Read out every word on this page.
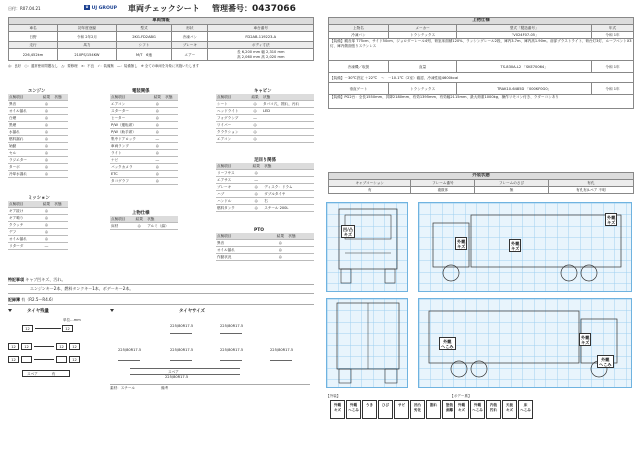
日付：R07.04.21	U UJ GROUP 車両チェックシート 管理番号：0437066
車両情報				
車名	初年度登録	型式	形状	車台番号
日野	令和 2年2月	2KG-FD2ABG	冷凍バン	FD2AB-119223-A
走行	馬力	シフト	ブレーキ	ボディ寸法
226,452km	210PS/154KW	M/T　 6速	エアー	長 6,200 mm 幅 2,310 mm
高 2,060 mm 高 2,020 mm
◎：良好　○：通常使用問題なし　△：要修理　×：不良　✓：装備無　―：装備無し　 ※ 全ての車両を対象に実施いたします
エンジン
点検項目	結果	状態
異音	◎	
オイル漏れ	◎	
白煙	◎	
黒煙	◎	
水漏れ	◎	
燃料漏れ	◎	
始動	◎	
セル	◎	
ラジエター	◎	
ターボ	◎	
冷却水漏れ	◎	
ミッション
点検項目	結果	状態
ギア抜け	◎	
ギア鳴り	◎	
クラッチ	◎	
デフ	◎	
オイル漏れ	◎	
リターダ	―	
電装関係
点検項目	結果	状態
エアコン	◎	
スターター	◎	
ヒーター	◎	
P/W（運転席）	◎	
P/W（助手席）	◎	
集中ドアロック	―	
車両ランプ	◎	
ライト	◎	
ナビ	―	
バックカメラ	◎	
ETC	◎	
タコグラフ	◎	
上物仕様
点検項目	結果	状態
床材	◎	アルミ（縞）
キャビン
点検項目	結果	状態
シート	◎	タバコ穴，擦れ，汚れ
ヘッドライト	◎	LED
フォグランプ	―	
ワイパー	◎	
クラクション	◎	
エアコン	◎	
足回り関係
点検項目	結果	状態
リーフサス	◎	
エアサス	―	
ブレーキ	◎	ディスク：ドラム
ハブ	◎	ダブルタイヤ
ハンドル	◎	右
燃料タンク	◎	スチール 200L
PTO
点検項目	結果	状態
異音	◎	
オイル漏れ	◎	
作動状況	◎	
特記事項 キャブ凹キズ、汚れ。
エンジンキー2本、燃料タンクキー1本、ボデーキー2本。
記録簿 有（R2.5～R4.6）
タイヤ残量
単位…mm
12	12
12	12	12	12
12	12
スペア	有
タイヤサイズ
225/80R17.5	225/80R17.5
225/80R17.5	225/80R17.5	225/80R17.5	225/80R17.5
スペア
225/80R17.5
素材：スチール	備考
上物仕様			
上物名	メーカー	型式「製造番号」	年式
冷凍バン	トランテックス	「V024F07-05」	令和 1年
【装備】観音扉 T75cm、サイド50cm、ジョロダーレール4列、荷室床面積120%、ラッシングレール2段、庫内3.7m、庫内高1.90m。前部ブラストライト、荷台灯3灯、ルーフベントX3灯、庫内側面張りステンレス			
冷凍機／取扱	直量	TS-830A-L2 「SKE70064」	令和 1年
【装備】－30℃設定 ＋22℃　～　－10.1℃（2室）確認、冷凍性能4600kcal			
垂直ゲート	トランテックス	TRAK10-6485D 「000KF0G0」	令和 1年
【装備】PG2台：全長1550mm、昇降2180mm、有効1395mm、有効幅2115mm、最大荷重1000kg、操作リモコン付き、ラダーコンあり			
外装状態			
キャブコーション	フレーム番号	フレームのさび	有孔
有	複数体	無	有孔有/Lペア 不明
凹/凸
キズ
外観
キズ
外観
キズ
外観
キズ
外観
へこみ
外観
キズ
外観
へこみ
【外装】	【ボデー系】
外観
キズ外観
へこみうき ひび サビ 凹凸
劣化割れ 塗装
剥離
外観
キズ外観
へこみ内装
汚れ天板
キズ床
へこみ
